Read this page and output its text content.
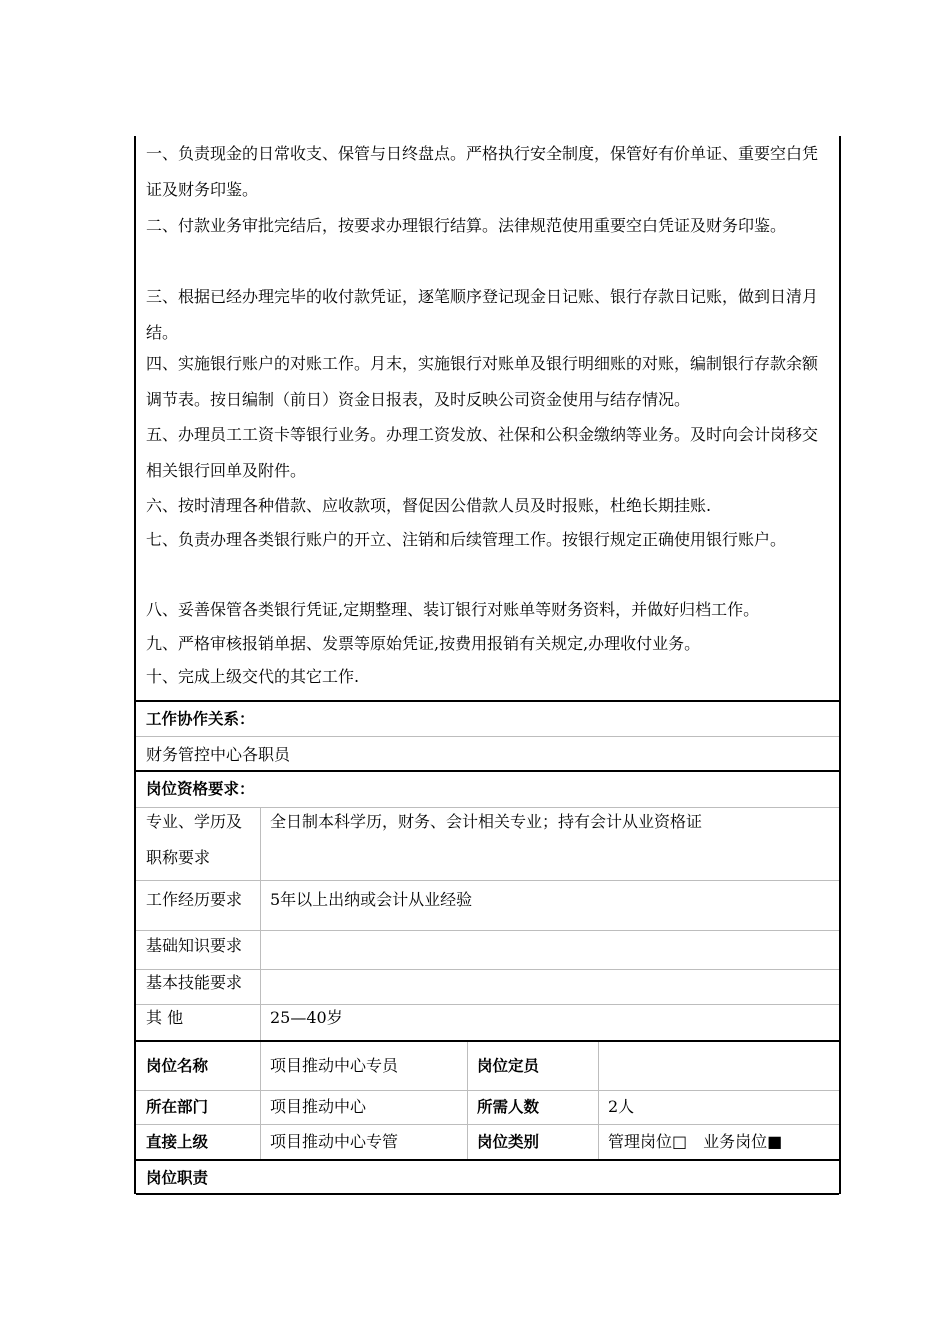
一、负责现金的日常收支、保管与日终盘点。严格执行安全制度，保管好有价单证、重要空白凭证及财务印鉴。
二、付款业务审批完结后，按要求办理银行结算。法律规范使用重要空白凭证及财务印鉴。
三、根据已经办理完毕的收付款凭证，逐笔顺序登记现金日记账、银行存款日记账，做到日清月结。
四、实施银行账户的对账工作。月末，实施银行对账单及银行明细账的对账，编制银行存款余额调节表。按日编制（前日）资金日报表，及时反映公司资金使用与结存情况。
五、办理员工工资卡等银行业务。办理工资发放、社保和公积金缴纳等业务。及时向会计岗移交相关银行回单及附件。
六、按时清理各种借款、应收款项，督促因公借款人员及时报账，杜绝长期挂账.
七、负责办理各类银行账户的开立、注销和后续管理工作。按银行规定正确使用银行账户。
八、妥善保管各类银行凭证,定期整理、装订银行对账单等财务资料，并做好归档工作。
九、严格审核报销单据、发票等原始凭证,按费用报销有关规定,办理收付业务。
十、完成上级交代的其它工作.
工作协作关系：
财务管控中心各职员
岗位资格要求：
专业、学历及职称要求
全日制本科学历，财务、会计相关专业；持有会计从业资格证
工作经历要求 5年以上出纳或会计从业经验
基础知识要求
基本技能要求
其 他	25—40岁
岗位名称	项目推动中心专员	岗位定员
所在部门	项目推动中心	所需人数	2人
直接上级	项目推动中心专管	岗位类别	管理岗位□　业务岗位■
岗位职责
